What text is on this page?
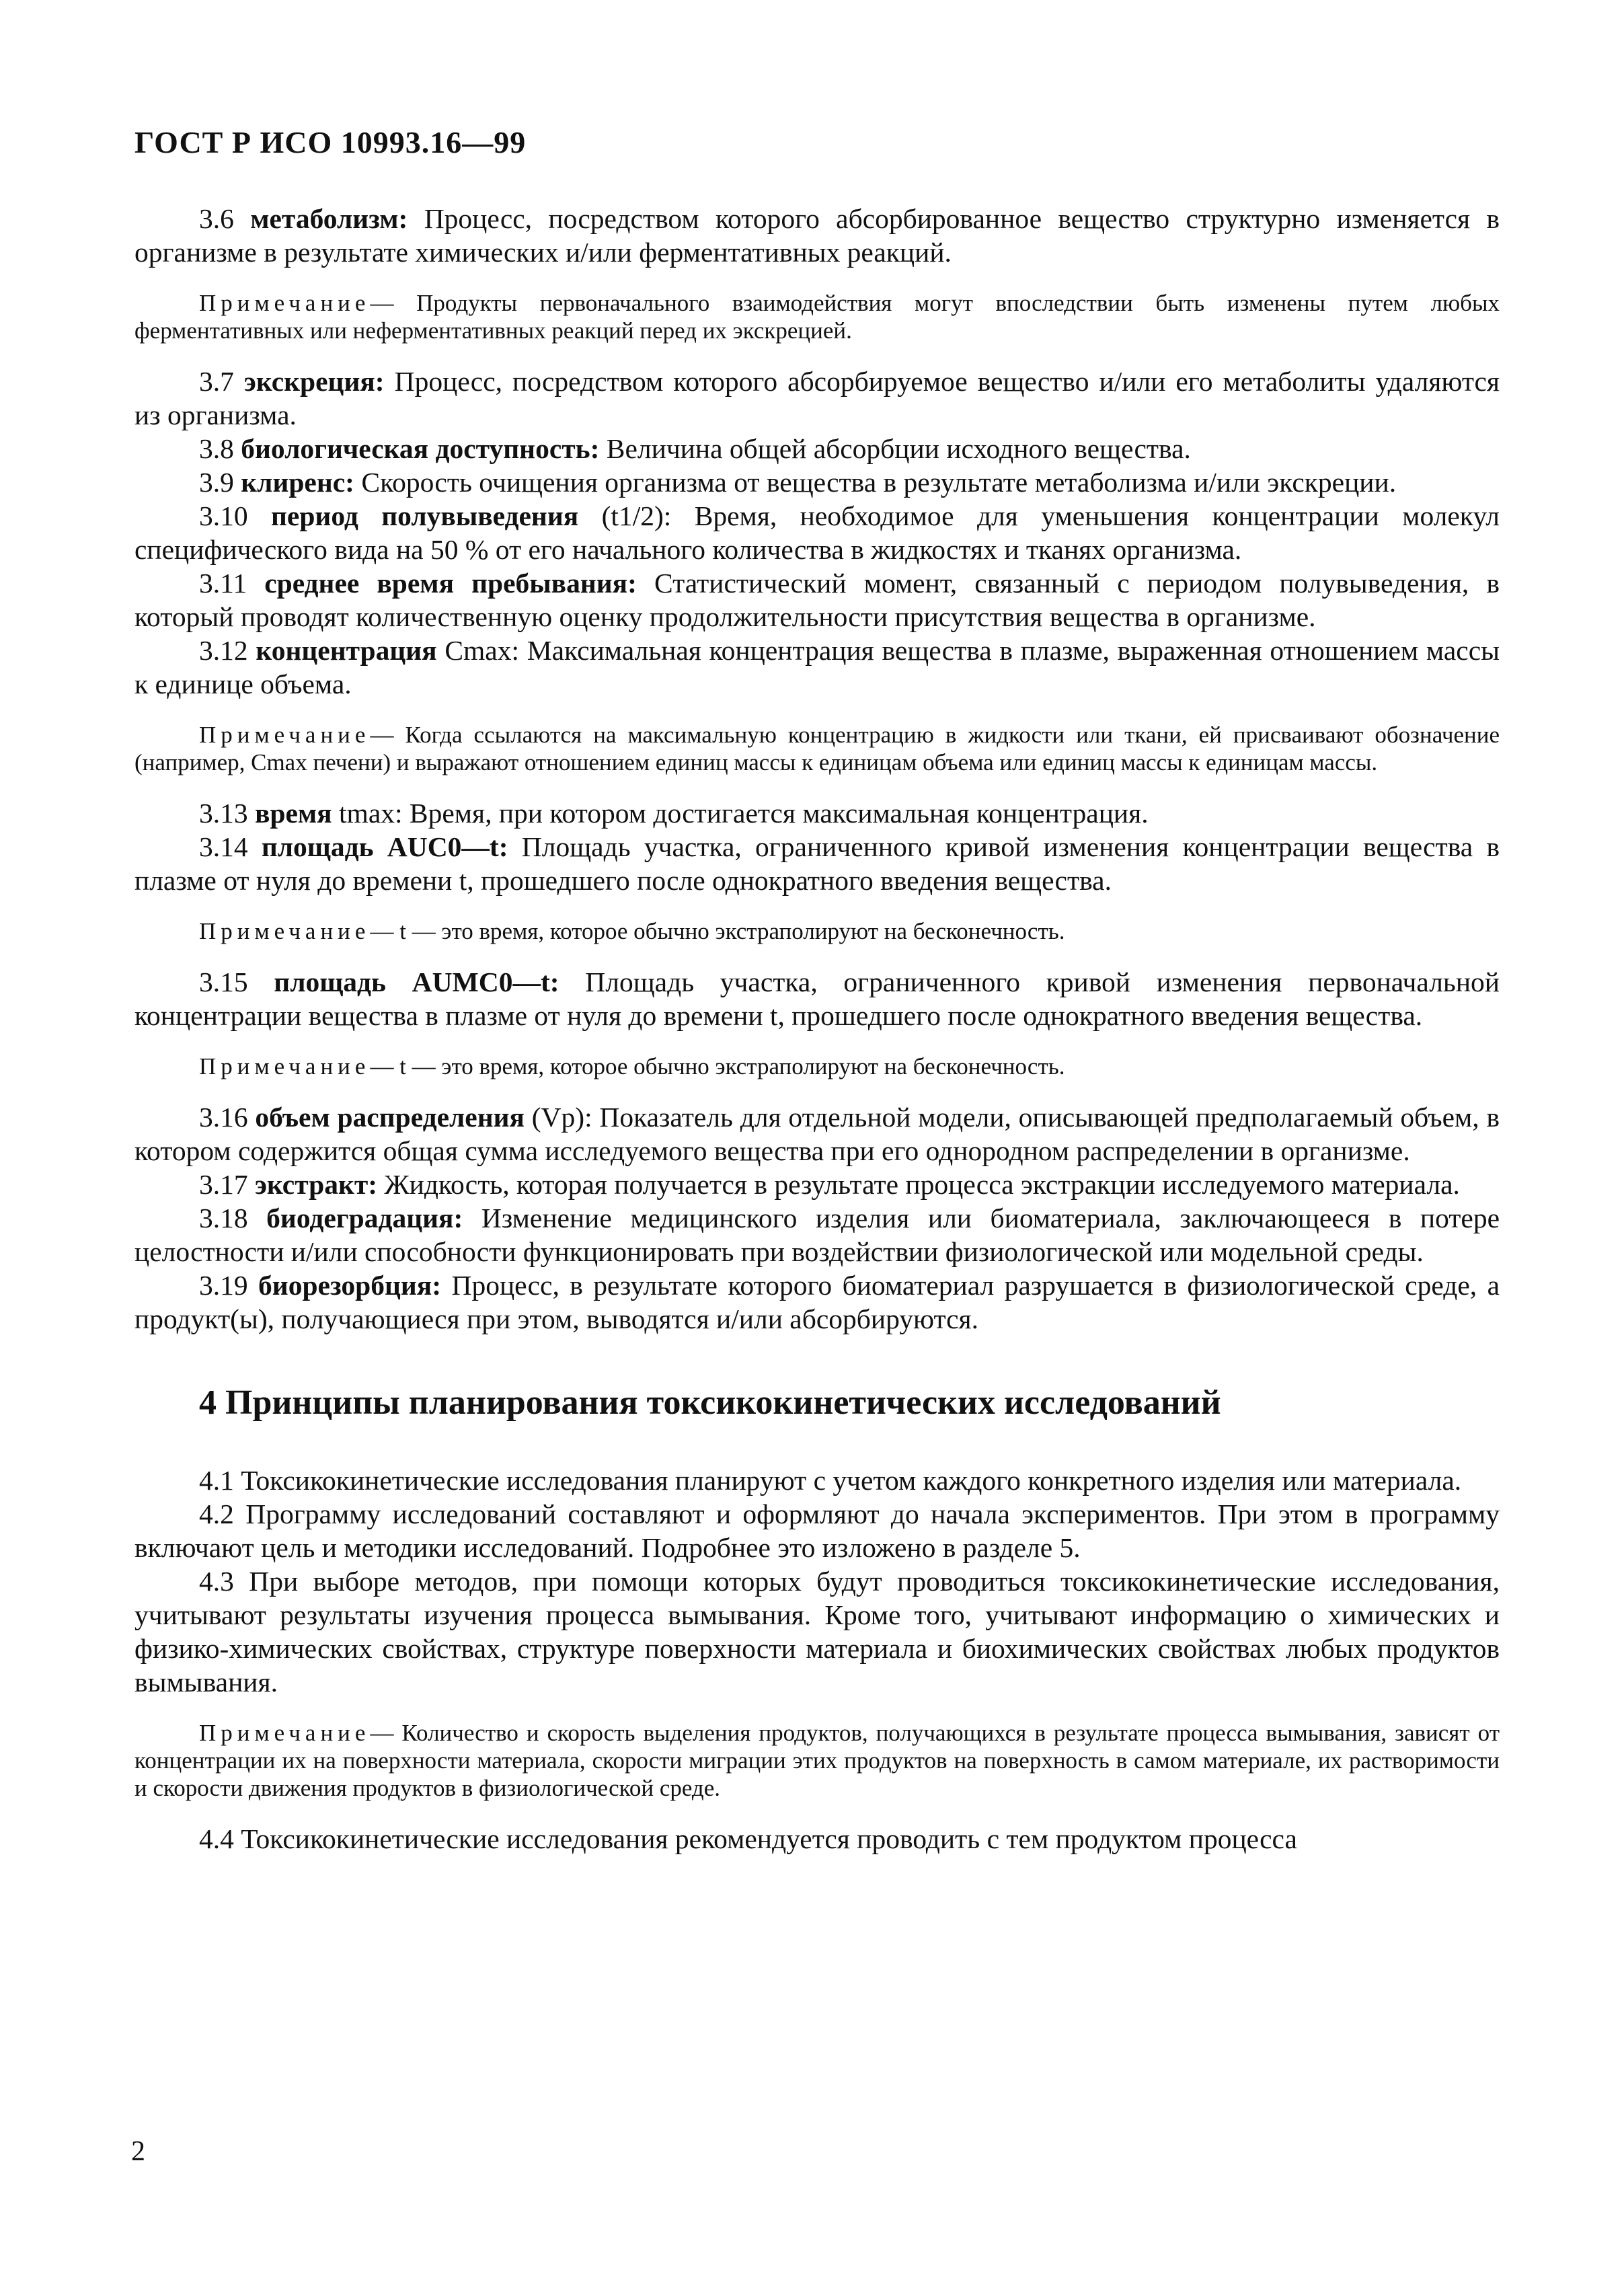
ГОСТ Р ИСО 10993.16—99

3.6 метаболизм: Процесс, посредством которого абсорбированное вещество структурно изменяется в организме в результате химических и/или ферментативных реакций.

Примечание— Продукты первоначального взаимодействия могут впоследствии быть изменены путем любых ферментативных или неферментативных реакций перед их экскрецией.

3.7 экскреция: Процесс, посредством которого абсорбируемое вещество и/или его метаболиты удаляются из организма.

3.8 биологическая доступность: Величина общей абсорбции исходного вещества.

3.9 клиренс: Скорость очищения организма от вещества в результате метаболизма и/или экскреции.

3.10 период полувыведения (t1/2): Время, необходимое для уменьшения концентрации молекул специфического вида на 50 % от его начального количества в жидкостях и тканях организма.

3.11 среднее время пребывания: Статистический момент, связанный с периодом полувыведения, в который проводят количественную оценку продолжительности присутствия вещества в организме.

3.12 концентрация Cmax: Максимальная концентрация вещества в плазме, выраженная отношением массы к единице объема.

Примечание— Когда ссылаются на максимальную концентрацию в жидкости или ткани, ей присваивают обозначение (например, Cmax печени) и выражают отношением единиц массы к единицам объема или единиц массы к единицам массы.

3.13 время tmax: Время, при котором достигается максимальная концентрация.

3.14 площадь AUC0—t: Площадь участка, ограниченного кривой изменения концентрации вещества в плазме от нуля до времени t, прошедшего после однократного введения вещества.

Примечание— t — это время, которое обычно экстраполируют на бесконечность.

3.15 площадь AUMC0—t: Площадь участка, ограниченного кривой изменения первоначальной концентрации вещества в плазме от нуля до времени t, прошедшего после однократного введения вещества.

Примечание— t — это время, которое обычно экстраполируют на бесконечность.

3.16 объем распределения (Vp): Показатель для отдельной модели, описывающей предполагаемый объем, в котором содержится общая сумма исследуемого вещества при его однородном распределении в организме.

3.17 экстракт: Жидкость, которая получается в результате процесса экстракции исследуемого материала.

3.18 биодеградация: Изменение медицинского изделия или биоматериала, заключающееся в потере целостности и/или способности функционировать при воздействии физиологической или модельной среды.

3.19 биорезорбция: Процесс, в результате которого биоматериал разрушается в физиологической среде, а продукт(ы), получающиеся при этом, выводятся и/или абсорбируются.

4 Принципы планирования токсикокинетических исследований

4.1 Токсикокинетические исследования планируют с учетом каждого конкретного изделия или материала.

4.2 Программу исследований составляют и оформляют до начала экспериментов. При этом в программу включают цель и методики исследований. Подробнее это изложено в разделе 5.

4.3 При выборе методов, при помощи которых будут проводиться токсикокинетические исследования, учитывают результаты изучения процесса вымывания. Кроме того, учитывают информацию о химических и физико-химических свойствах, структуре поверхности материала и биохимических свойствах любых продуктов вымывания.

Примечание— Количество и скорость выделения продуктов, получающихся в результате процесса вымывания, зависят от концентрации их на поверхности материала, скорости миграции этих продуктов на поверхность в самом материале, их растворимости и скорости движения продуктов в физиологической среде.

4.4 Токсикокинетические исследования рекомендуется проводить с тем продуктом процесса

2
